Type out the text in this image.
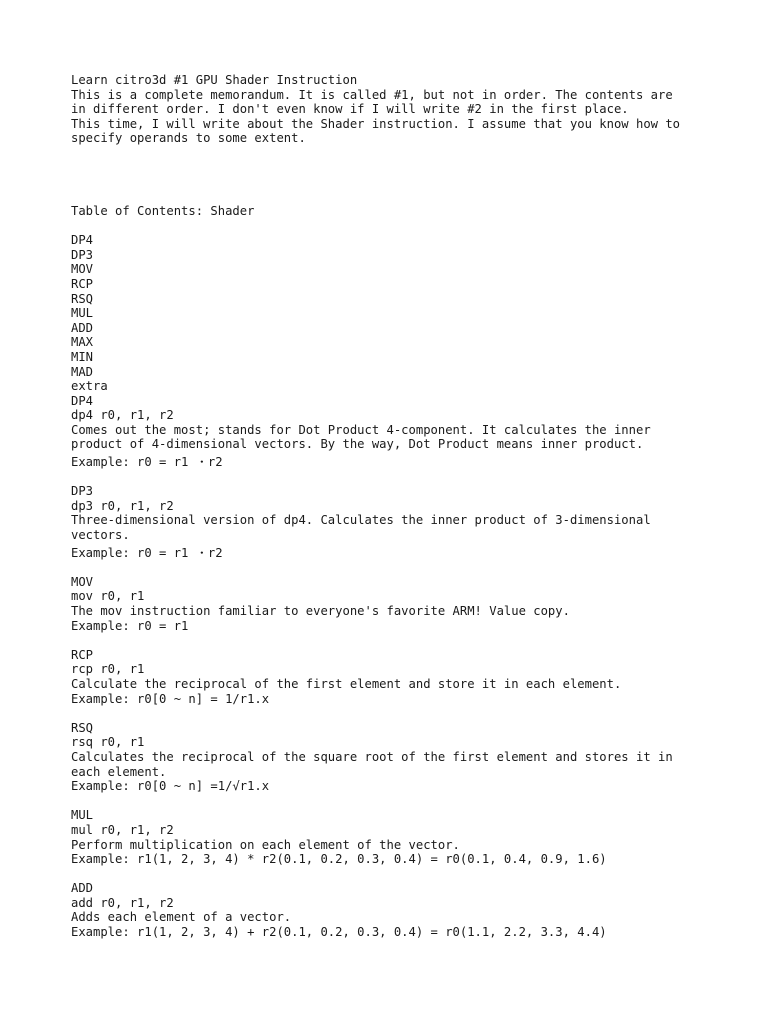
Learn citro3d #1 GPU Shader Instruction
This is a complete memorandum. It is called #1, but not in order. The contents are
in different order. I don't even know if I will write #2 in the first place.
This time, I will write about the Shader instruction. I assume that you know how to
specify operands to some extent.
Table of Contents: Shader
DP4
DP3
MOV
RCP
RSQ
MUL
ADD
MAX
MIN
MAD
extra
DP4
dp4 r0, r1, r2
Comes out the most; stands for Dot Product 4-component. It calculates the inner
product of 4-dimensional vectors. By the way, Dot Product means inner product.
Example: r0 = r1 ・r2
DP3
dp3 r0, r1, r2
Three-dimensional version of dp4. Calculates the inner product of 3-dimensional
vectors.
Example: r0 = r1 ・r2
MOV
mov r0, r1
The mov instruction familiar to everyone's favorite ARM! Value copy.
Example: r0 = r1
RCP
rcp r0, r1
Calculate the reciprocal of the first element and store it in each element.
Example: r0[0 ~ n] = 1/r1.x
RSQ
rsq r0, r1
Calculates the reciprocal of the square root of the first element and stores it in
each element.
Example: r0[0 ~ n] =1/√r1.x
MUL
mul r0, r1, r2
Perform multiplication on each element of the vector.
Example: r1(1, 2, 3, 4) * r2(0.1, 0.2, 0.3, 0.4) = r0(0.1, 0.4, 0.9, 1.6)
ADD
add r0, r1, r2
Adds each element of a vector.
Example: r1(1, 2, 3, 4) + r2(0.1, 0.2, 0.3, 0.4) = r0(1.1, 2.2, 3.3, 4.4)
